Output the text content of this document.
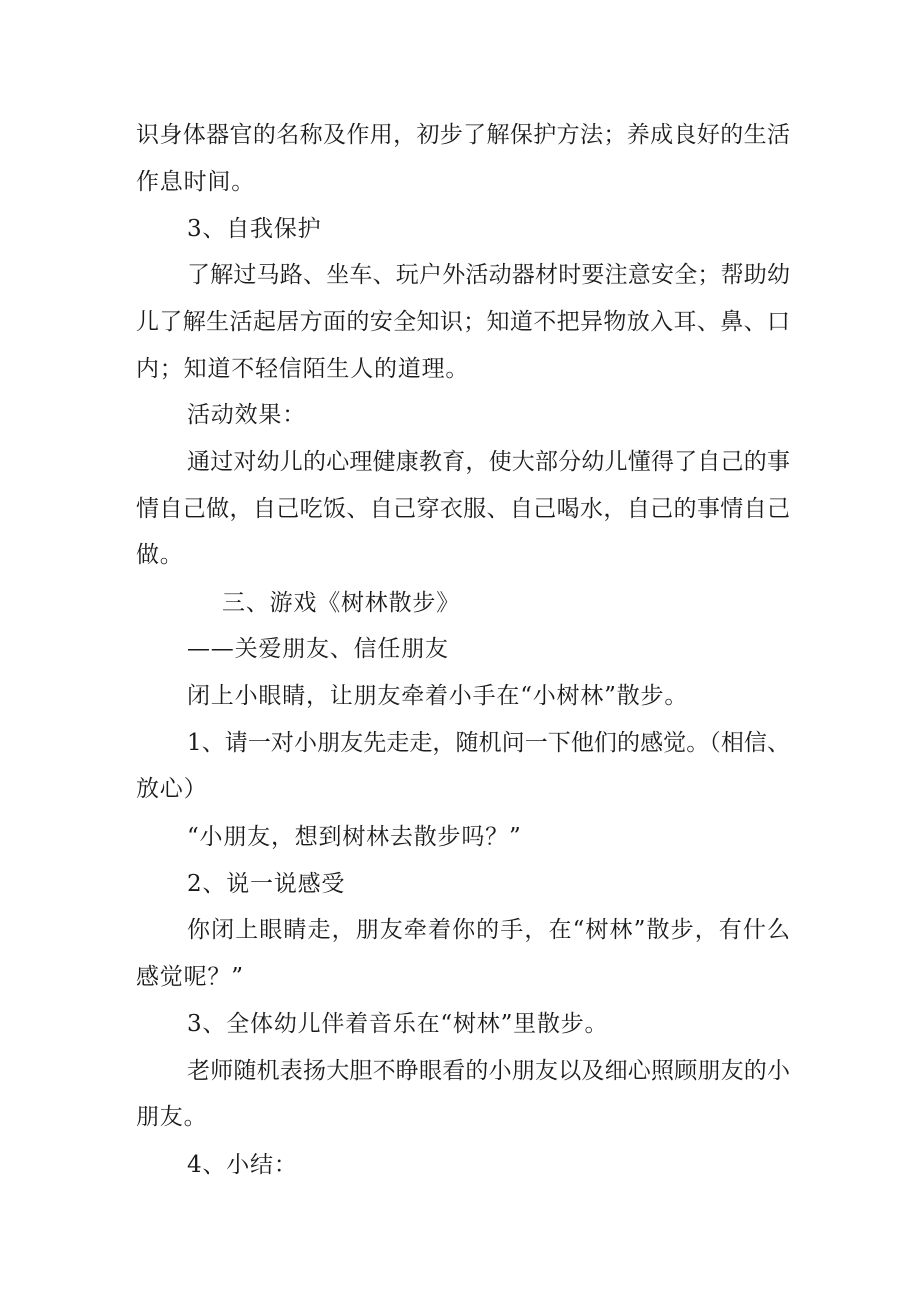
识身体器官的名称及作用，初步了解保护方法；养成良好的生活
作息时间。
3、自我保护
了解过马路、坐车、玩户外活动器材时要注意安全；帮助幼
儿了解生活起居方面的安全知识；知道不把异物放入耳、鼻、口
内；知道不轻信陌生人的道理。
活动效果：
通过对幼儿的心理健康教育，使大部分幼儿懂得了自己的事
情自己做，自己吃饭、自己穿衣服、自己喝水，自己的事情自己
做。
三、游戏《树林散步》
——关爱朋友、信任朋友
闭上小眼睛，让朋友牵着小手在“小树林”散步。
1、请一对小朋友先走走，随机问一下他们的感觉。（相信、
放心）
“小朋友，想到树林去散步吗？”
2、说一说感受
你闭上眼睛走，朋友牵着你的手，在“树林”散步，有什么
感觉呢？”
3、全体幼儿伴着音乐在“树林”里散步。
老师随机表扬大胆不睁眼看的小朋友以及细心照顾朋友的小
朋友。
4、小结：
